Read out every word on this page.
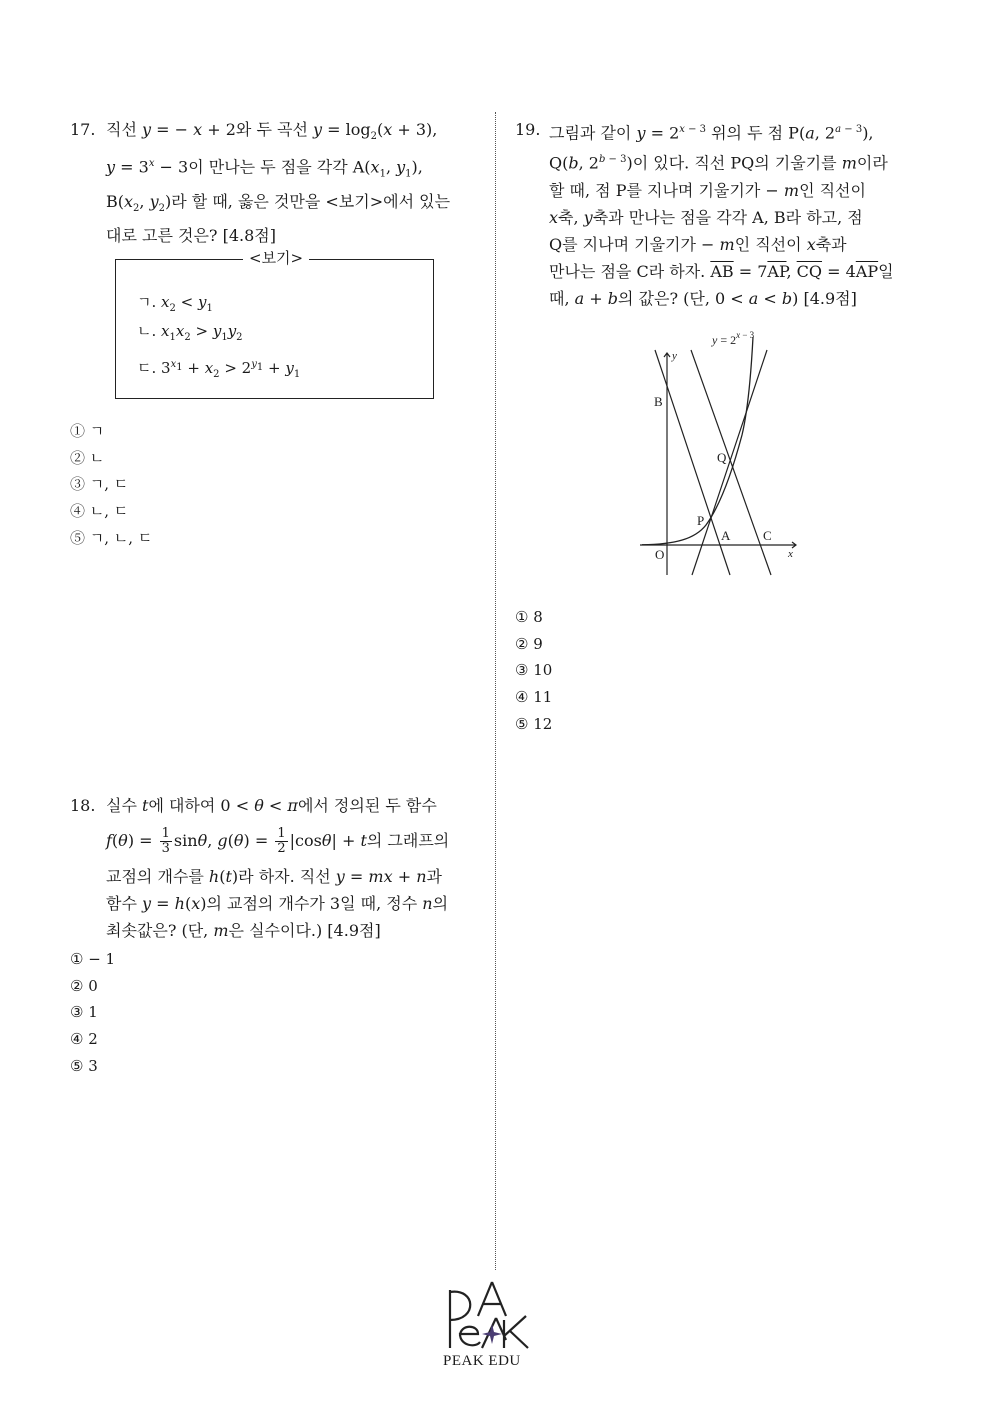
17. 직선 y = − x + 2와 두 곡선 $y = \log_2(x + 3)$,
$y = 3^x - 3$이 만나는 두 점을 각각 $A(x_1$, $y_1$),
$B(x_2$, $y_2$)라 할 때, 옳은 것만을 <보기>에서 있는
대로 고른 것은? [4.8점]
<보기>
ㄱ. $x_2 < y_1$
ㄴ. $x_1x_2 > y_1y_2$
ㄷ. $3^{x_1} + x_2 > 2^{y_1} + y_1$
① ㄱ
② ㄴ
③ ㄱ, ㄷ
④ ㄴ, ㄷ
⑤ ㄱ, ㄴ, ㄷ
18. 실수 t에 대하여 0 < θ < π에서 정의된 두 함수
$f(\theta) = \frac{1}{3} \sin\theta$, $g(\theta) = \frac{1}{2} |\cos\theta| + t$의 그래프의
교점의 개수를 h(t)라 하자. 직선 y = mx + n과
함수 y = h(x)의 교점의 개수가 3일 때, 정수 n의
최솟값은? (단, m은 실수이다.) [4.9점]
① − 1
② 0
③ 1
④ 2
⑤ 3
19. 그림과 같이 $y = 2^{x - 3}$ 위의 두 점 P(a, $2^{a - 3}$),
Q(b, $2^{b - 3}$)이 있다. 직선 PQ의 기울기를 m이라
할 때, 점 P를 지나며 기울기가 − m인 직선이
x축, y축과 만나는 점을 각각 A, B라 하고, 점
Q를 지나며 기울기가 − m인 직선이 x축과
만나는 점을 C라 하자. $\overline{AB} = 7\overline{AP}$, $\overline{CQ} = 4\overline{AP}$일
때, a + b의 값은? (단, 0 < a < b) [4.9점]
$y = 2^{x - 3}$
y
x
O
B
Q
P
A	C
① 8
② 9
③ 10
④ 11
⑤ 12
PEAK EDU
